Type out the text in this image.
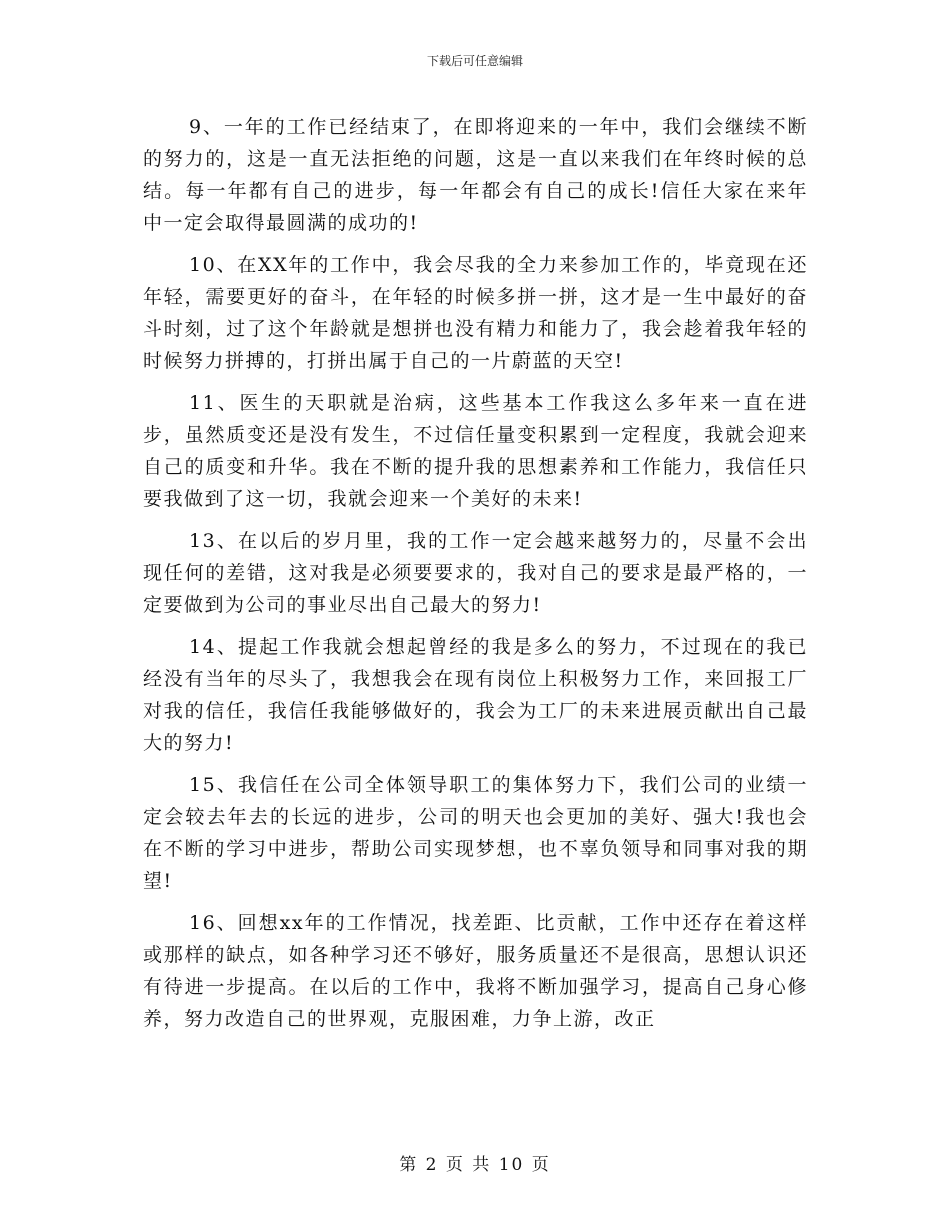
下载后可任意编辑

9、一年的工作已经结束了，在即将迎来的一年中，我们会继续不断的努力的，这是一直无法拒绝的问题，这是一直以来我们在年终时候的总结。每一年都有自己的进步，每一年都会有自己的成长!信任大家在来年中一定会取得最圆满的成功的!

10、在XX年的工作中，我会尽我的全力来参加工作的，毕竟现在还年轻，需要更好的奋斗，在年轻的时候多拼一拼，这才是一生中最好的奋斗时刻，过了这个年龄就是想拼也没有精力和能力了，我会趁着我年轻的时候努力拼搏的，打拼出属于自己的一片蔚蓝的天空!

11、医生的天职就是治病，这些基本工作我这么多年来一直在进步，虽然质变还是没有发生，不过信任量变积累到一定程度，我就会迎来自己的质变和升华。我在不断的提升我的思想素养和工作能力，我信任只要我做到了这一切，我就会迎来一个美好的未来!

13、在以后的岁月里，我的工作一定会越来越努力的，尽量不会出现任何的差错，这对我是必须要要求的，我对自己的要求是最严格的，一定要做到为公司的事业尽出自己最大的努力!

14、提起工作我就会想起曾经的我是多么的努力，不过现在的我已经没有当年的尽头了，我想我会在现有岗位上积极努力工作，来回报工厂对我的信任，我信任我能够做好的，我会为工厂的未来进展贡献出自己最大的努力!

15、我信任在公司全体领导职工的集体努力下，我们公司的业绩一定会较去年去的长远的进步，公司的明天也会更加的美好、强大!我也会在不断的学习中进步，帮助公司实现梦想，也不辜负领导和同事对我的期望!

16、回想xx年的工作情况，找差距、比贡献，工作中还存在着这样或那样的缺点，如各种学习还不够好，服务质量还不是很高，思想认识还有待进一步提高。在以后的工作中，我将不断加强学习，提高自己身心修养，努力改造自己的世界观，克服困难，力争上游，改正

第 2 页 共 10 页
